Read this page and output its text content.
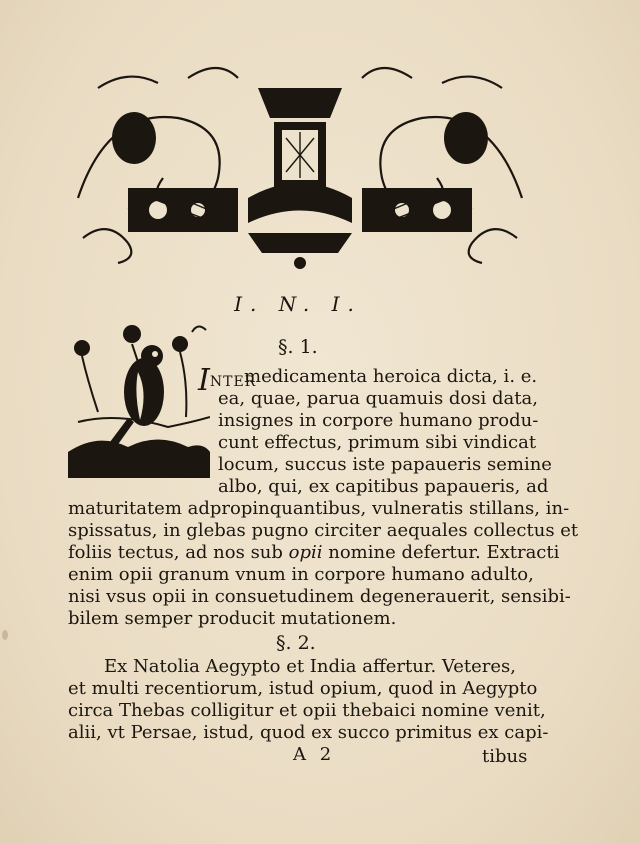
I. N. I.
§. 1.
INTER
medicamenta heroica dicta, i. e.
ea, quae, parua quamuis dosi data,
insignes in corpore humano produ-
cunt effectus, primum sibi vindicat
locum, succus iste papaueris semine
albo, qui, ex capitibus papaueris, ad
maturitatem adpropinquantibus, vulneratis stillans, in-
spissatus, in glebas pugno circiter aequales collectus et
foliis tectus, ad nos sub opii nomine defertur. Extracti
enim opii granum vnum in corpore humano adulto,
nisi vsus opii in consuetudinem degenerauerit, sensibi-
bilem semper producit mutationem.
§. 2.
Ex Natolia Aegypto et India affertur. Veteres,
et multi recentiorum, istud opium, quod in Aegypto
circa Thebas colligitur et opii thebaici nomine venit,
alii, vt Persae, istud, quod ex succo primitus ex capi-
A 2	tibus
